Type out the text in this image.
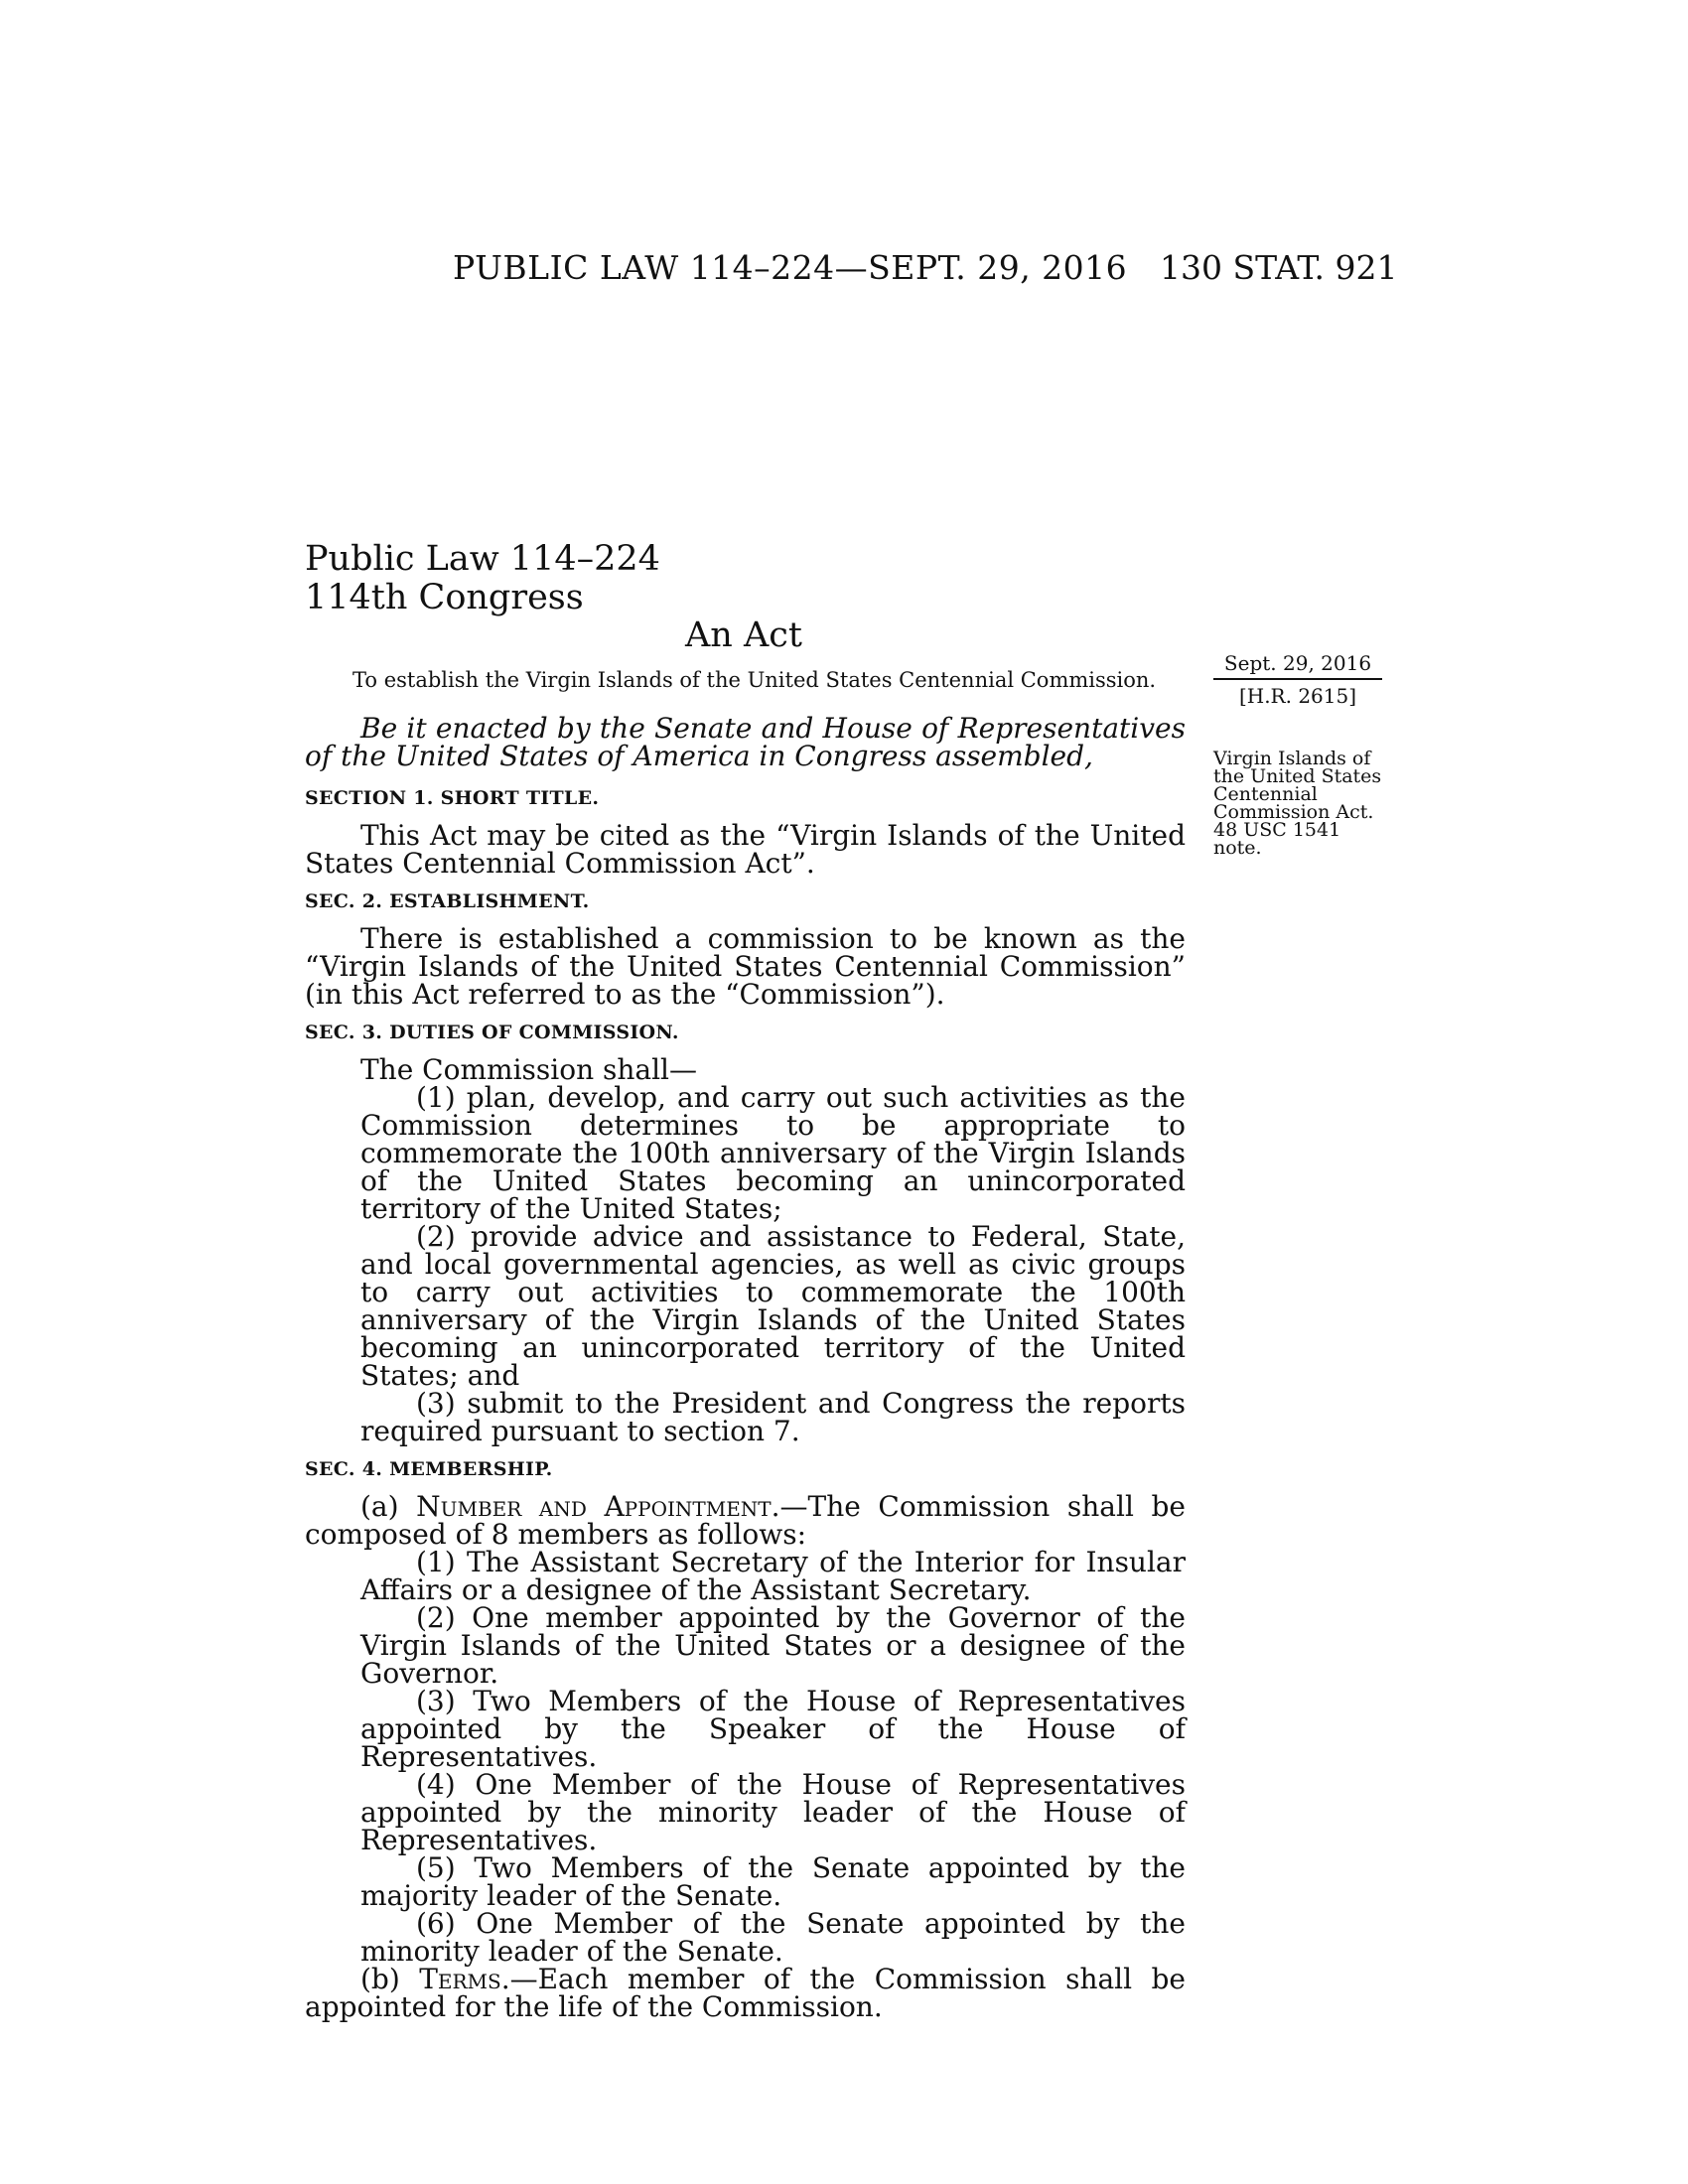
PUBLIC LAW 114–224—SEPT. 29, 2016 130 STAT. 921
Public Law 114–224
114th Congress
An Act
To establish the Virgin Islands of the United States Centennial Commission.
Sept. 29, 2016
[H.R. 2615]
Virgin Islands of
the United States
Centennial
Commission Act.
48 USC 1541
note.

Be it enacted by the Senate and House of Representatives of the United States of America in Congress assembled,

SECTION 1. SHORT TITLE.

This Act may be cited as the “Virgin Islands of the United States Centennial Commission Act”.

SEC. 2. ESTABLISHMENT.

There is established a commission to be known as the “Virgin Islands of the United States Centennial Commission” (in this Act referred to as the “Commission”).

SEC. 3. DUTIES OF COMMISSION.

The Commission shall—

(1) plan, develop, and carry out such activities as the Commission determines to be appropriate to commemorate the 100th anniversary of the Virgin Islands of the United States becoming an unincorporated territory of the United States;

(2) provide advice and assistance to Federal, State, and local governmental agencies, as well as civic groups to carry out activities to commemorate the 100th anniversary of the Virgin Islands of the United States becoming an unincorporated territory of the United States; and

(3) submit to the President and Congress the reports required pursuant to section 7.

SEC. 4. MEMBERSHIP.

(a) Number and Appointment.—The Commission shall be composed of 8 members as follows:

(1) The Assistant Secretary of the Interior for Insular Affairs or a designee of the Assistant Secretary.

(2) One member appointed by the Governor of the Virgin Islands of the United States or a designee of the Governor.

(3) Two Members of the House of Representatives appointed by the Speaker of the House of Representatives.

(4) One Member of the House of Representatives appointed by the minority leader of the House of Representatives.

(5) Two Members of the Senate appointed by the majority leader of the Senate.

(6) One Member of the Senate appointed by the minority leader of the Senate.

(b) Terms.—Each member of the Commission shall be appointed for the life of the Commission.
